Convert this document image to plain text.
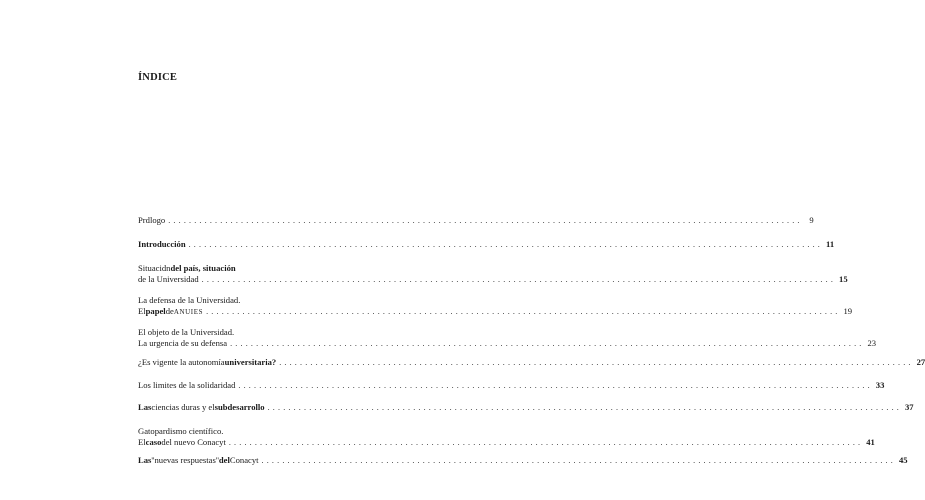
ÍNDICE
Prdlogo .......................................................................................................................... 9
Introducción .......................................................................................................................... 11
Situacidn del país, situación
de la Universidad .......................................................................................................................... 15
La defensa de la Universidad.
El papel de ANUIES .......................................................................................................................... 19
El objeto de la Universidad.
La urgencia de su defensa .......................................................................................................................... 23
¿Es vigente la autonomía universitaria? .......................................................................................................................... 27
Los limites de la solidaridad .......................................................................................................................... 33
Las ciencias duras y el subdesarrollo .......................................................................................................................... 37
Gatopardismo científico.
El caso del nuevo Conacyt .......................................................................................................................... 41
Las ''nuevas respuestas'' del Conacyt .......................................................................................................................... 45
